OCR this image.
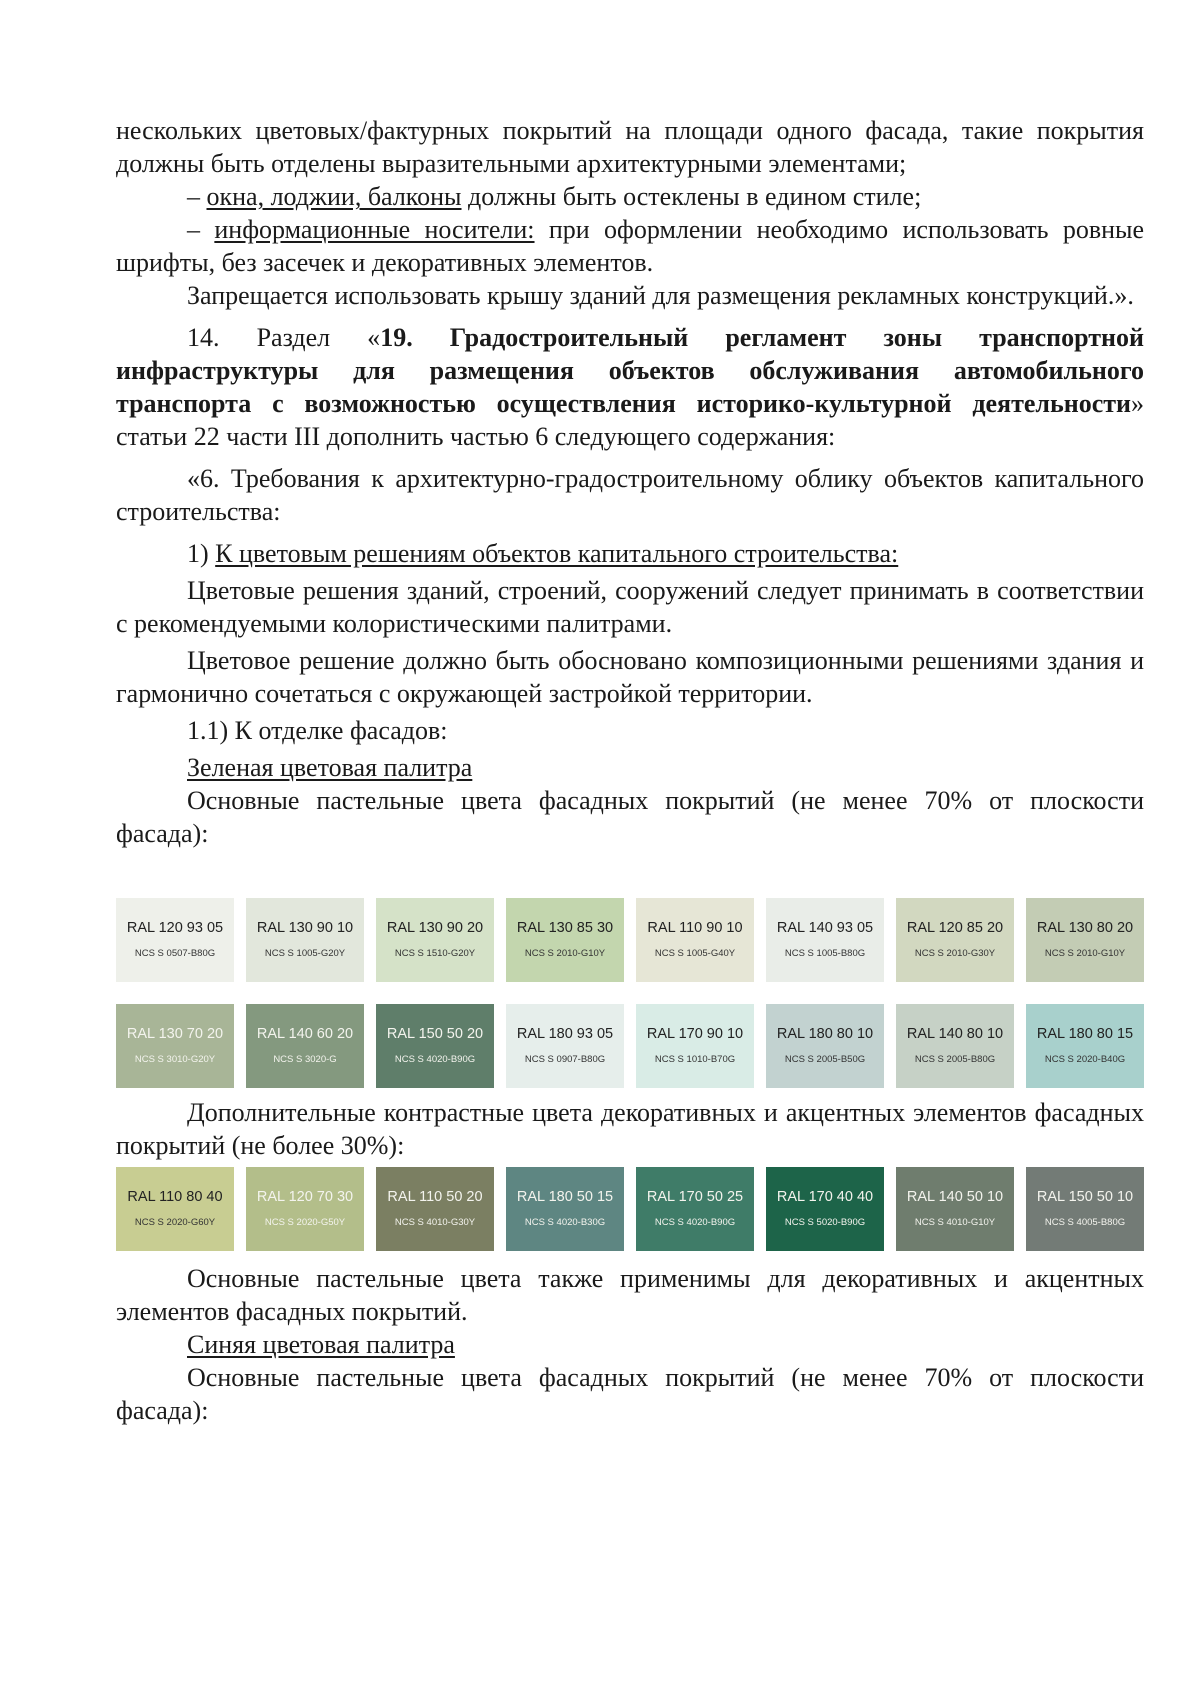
нескольких цветовых/фактурных покрытий на площади одного фасада, такие покрытия должны быть отделены выразительными архитектурными элементами;

– окна, лоджии, балконы должны быть остеклены в едином стиле;

– информационные носители: при оформлении необходимо использовать ровные шрифты, без засечек и декоративных элементов.

Запрещается использовать крышу зданий для размещения рекламных конструкций.».

14. Раздел «19. Градостроительный регламент зоны транспортной инфраструктуры для размещения объектов обслуживания автомобильного транспорта с возможностью осуществления историко-культурной деятельности» статьи 22 части III дополнить частью 6 следующего содержания:

«6. Требования к архитектурно-градостроительному облику объектов капитального строительства:

1) К цветовым решениям объектов капитального строительства:

Цветовые решения зданий, строений, сооружений следует принимать в соответствии с рекомендуемыми колористическими палитрами.

Цветовое решение должно быть обосновано композиционными решениями здания и гармонично сочетаться с окружающей застройкой территории.

1.1) К отделке фасадов:

Зеленая цветовая палитра

Основные пастельные цвета фасадных покрытий (не менее 70% от плоскости фасада):

RAL 120 93 05
NCS S 0507-B80G
RAL 130 90 10
NCS S 1005-G20Y
RAL 130 90 20
NCS S 1510-G20Y
RAL 130 85 30
NCS S 2010-G10Y
RAL 110 90 10
NCS S 1005-G40Y
RAL 140 93 05
NCS S 1005-B80G
RAL 120 85 20
NCS S 2010-G30Y
RAL 130 80 20
NCS S 2010-G10Y
RAL 130 70 20
NCS S 3010-G20Y
RAL 140 60 20
NCS S 3020-G
RAL 150 50 20
NCS S 4020-B90G
RAL 180 93 05
NCS S 0907-B80G
RAL 170 90 10
NCS S 1010-B70G
RAL 180 80 10
NCS S 2005-B50G
RAL 140 80 10
NCS S 2005-B80G
RAL 180 80 15
NCS S 2020-B40G

Дополнительные контрастные цвета декоративных и акцентных элементов фасадных покрытий (не более 30%):

RAL 110 80 40
NCS S 2020-G60Y
RAL 120 70 30
NCS S 2020-G50Y
RAL 110 50 20
NCS S 4010-G30Y
RAL 180 50 15
NCS S 4020-B30G
RAL 170 50 25
NCS S 4020-B90G
RAL 170 40 40
NCS S 5020-B90G
RAL 140 50 10
NCS S 4010-G10Y
RAL 150 50 10
NCS S 4005-B80G

Основные пастельные цвета также применимы для декоративных и акцентных элементов фасадных покрытий.

Синяя цветовая палитра

Основные пастельные цвета фасадных покрытий (не менее 70% от плоскости фасада):
